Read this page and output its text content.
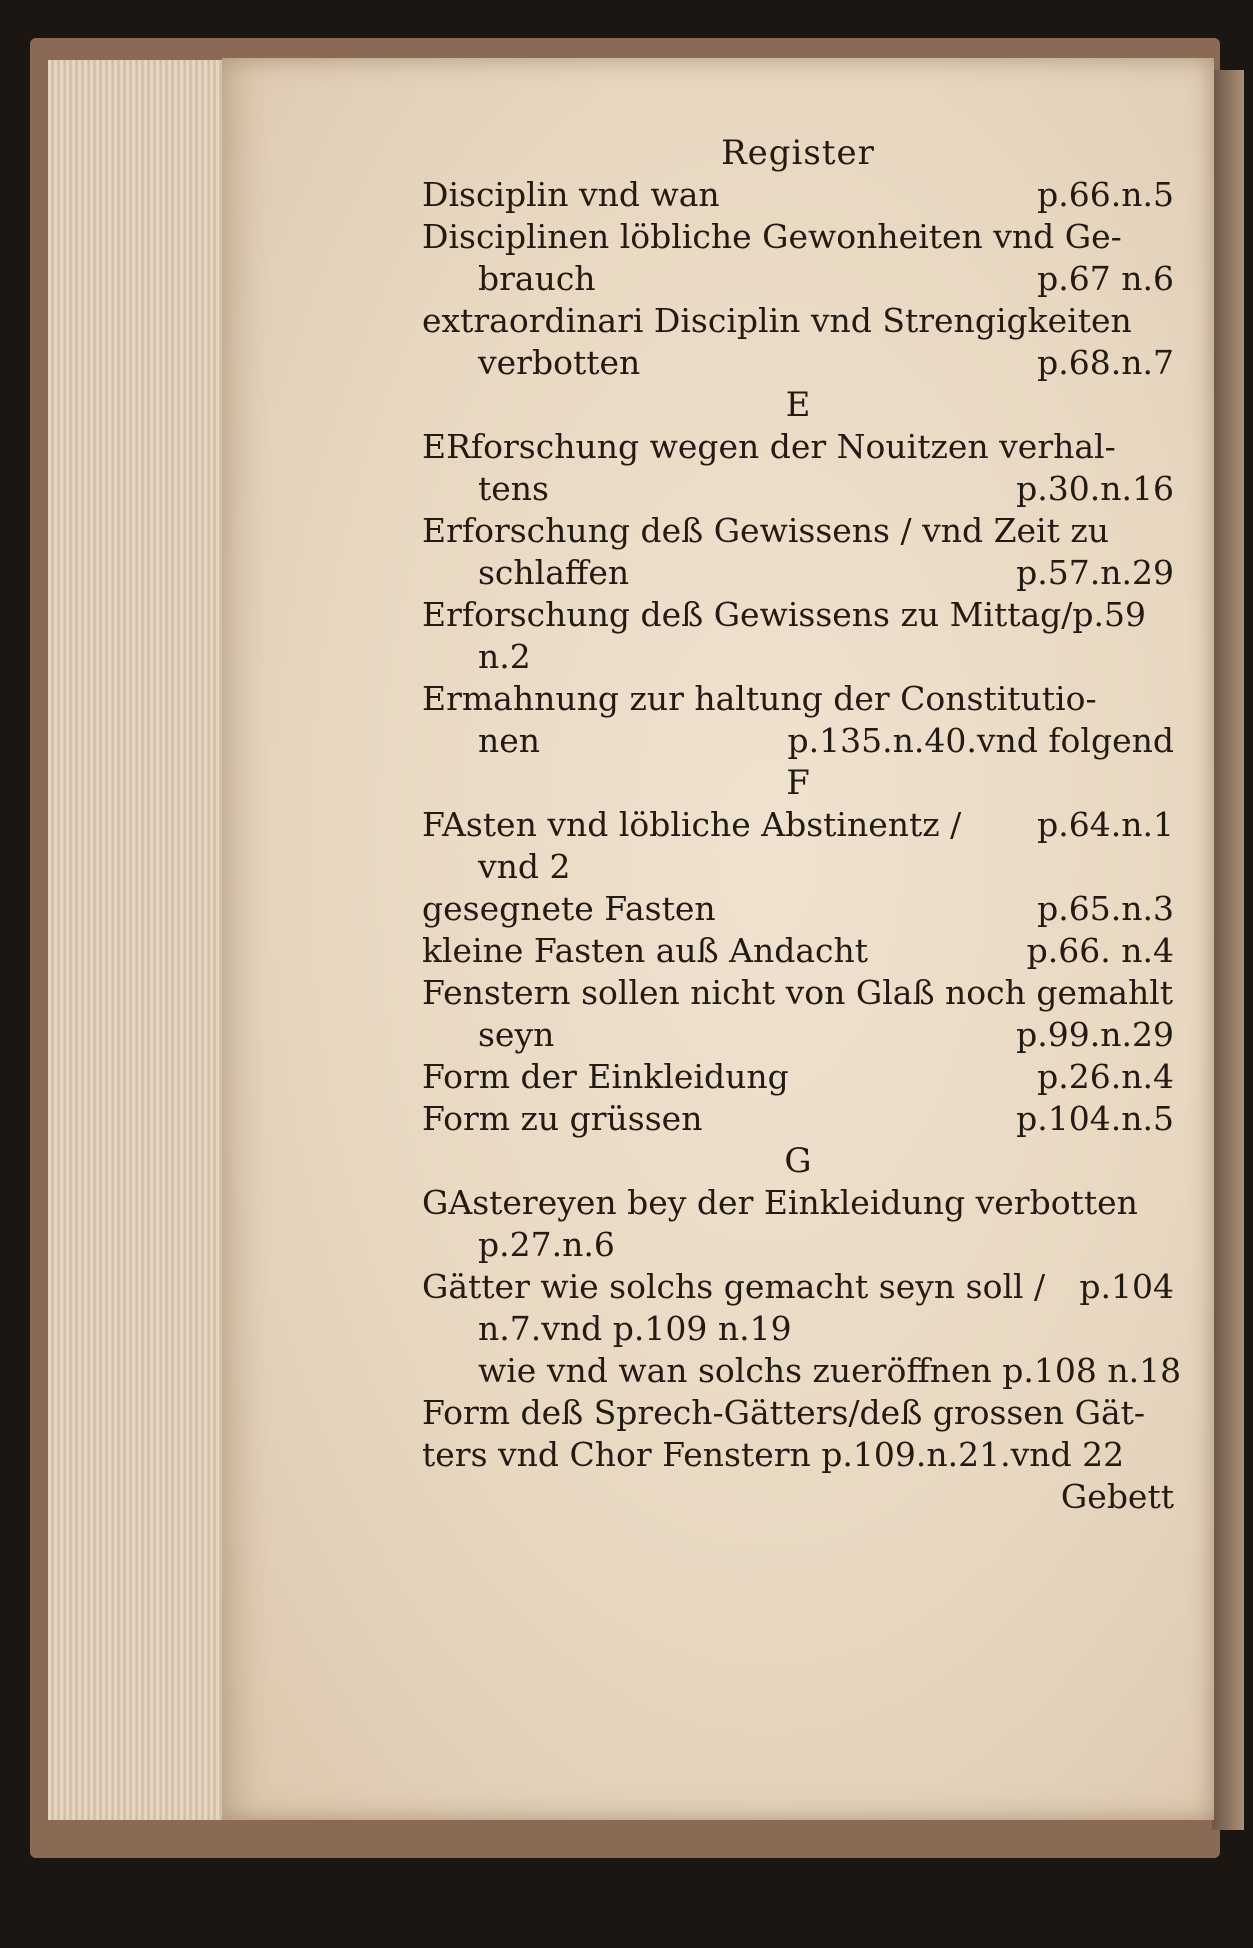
Register
Disciplin vnd wan	p.66.n.5
Disciplinen löbliche Gewonheiten vnd Ge-
brauch	p.67 n.6
extraordinari Disciplin vnd Strengigkeiten
verbotten	p.68.n.7
E
ERforschung wegen der Nouitzen verhal-
tens	p.30.n.16
Erforschung deß Gewissens / vnd Zeit zu
schlaffen	p.57.n.29
Erforschung deß Gewissens zu Mittag/p.59
n.2
Ermahnung zur haltung der Constitutio-
nen	p.135.n.40.vnd folgend
F
FAsten vnd löbliche Abstinentz /	p.64.n.1
vnd 2
gesegnete Fasten	p.65.n.3
kleine Fasten auß Andacht	p.66. n.4
Fenstern sollen nicht von Glaß noch gemahlt
seyn	p.99.n.29
Form der Einkleidung	p.26.n.4
Form zu grüssen	p.104.n.5
G
GAstereyen bey der Einkleidung verbotten
p.27.n.6
Gätter wie solchs gemacht seyn soll /	p.104
n.7.vnd p.109 n.19
wie vnd wan solchs zueröffnen p.108 n.18
Form deß Sprech-Gätters/deß grossen Gät-
ters vnd Chor Fenstern p.109.n.21.vnd 22
Gebett
